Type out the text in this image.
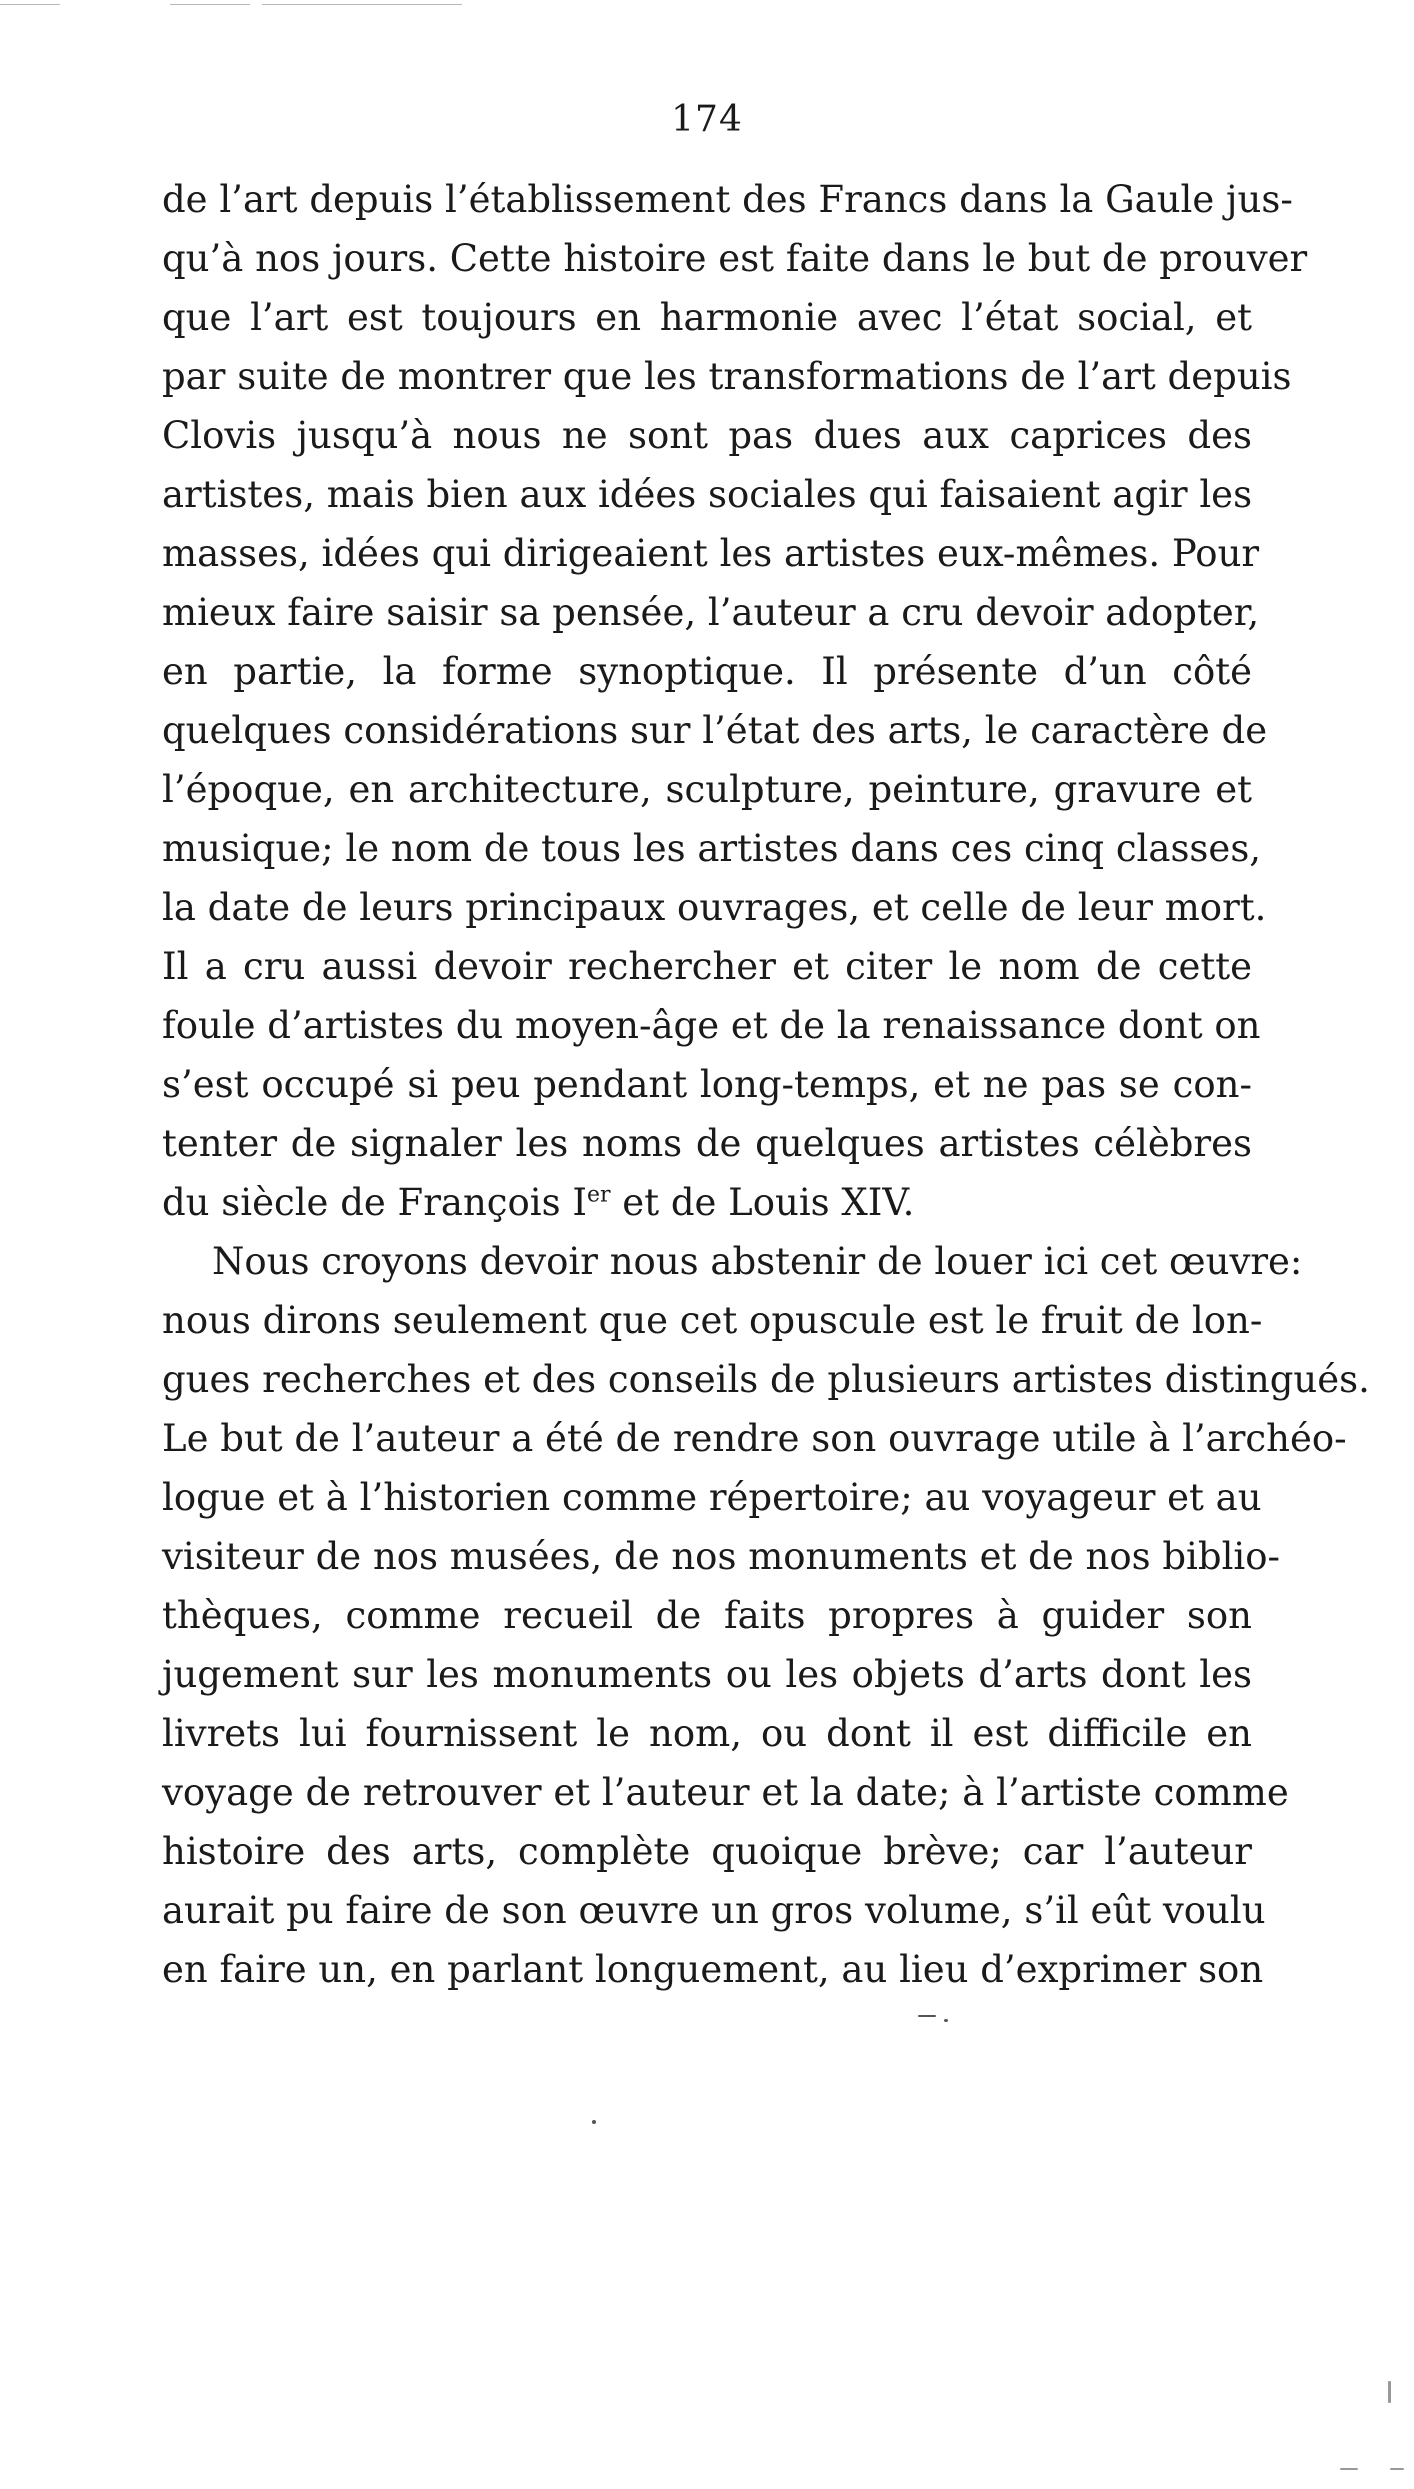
174
de l’art depuis l’établissement des Francs dans la Gaule jus-
qu’à nos jours. Cette histoire est faite dans le but de prouver
que l’art est toujours en harmonie avec l’état social, et
par suite de montrer que les transformations de l’art depuis
Clovis jusqu’à nous ne sont pas dues aux caprices des
artistes, mais bien aux idées sociales qui faisaient agir les
masses, idées qui dirigeaient les artistes eux-mêmes. Pour
mieux faire saisir sa pensée, l’auteur a cru devoir adopter,
en partie, la forme synoptique. Il présente d’un côté
quelques considérations sur l’état des arts, le caractère de
l’époque, en architecture, sculpture, peinture, gravure et
musique; le nom de tous les artistes dans ces cinq classes,
la date de leurs principaux ouvrages, et celle de leur mort.
Il a cru aussi devoir rechercher et citer le nom de cette
foule d’artistes du moyen-âge et de la renaissance dont on
s’est occupé si peu pendant long-temps, et ne pas se con-
tenter de signaler les noms de quelques artistes célèbres
du siècle de François Ier et de Louis XIV.
Nous croyons devoir nous abstenir de louer ici cet œuvre:
nous dirons seulement que cet opuscule est le fruit de lon-
gues recherches et des conseils de plusieurs artistes distingués.
Le but de l’auteur a été de rendre son ouvrage utile à l’archéo-
logue et à l’historien comme répertoire; au voyageur et au
visiteur de nos musées, de nos monuments et de nos biblio-
thèques, comme recueil de faits propres à guider son
jugement sur les monuments ou les objets d’arts dont les
livrets lui fournissent le nom, ou dont il est difficile en
voyage de retrouver et l’auteur et la date; à l’artiste comme
histoire des arts, complète quoique brève; car l’auteur
aurait pu faire de son œuvre un gros volume, s’il eût voulu
en faire un, en parlant longuement, au lieu d’exprimer son
